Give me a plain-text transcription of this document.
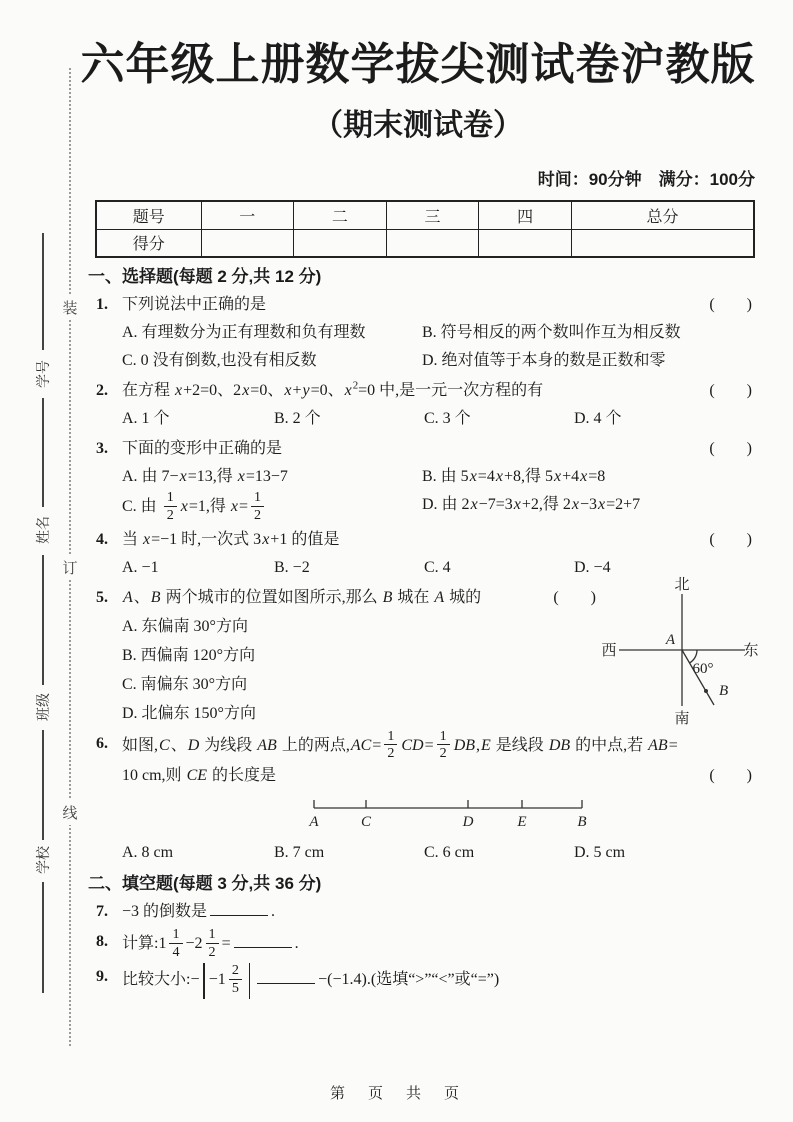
装
订
线
学号
姓名
班级
学校
六年级上册数学拔尖测试卷沪教版
（期末测试卷）
时间：90分钟　满分：100分
题号	一	二	三	四	总分
得分					
一、选择题(每题 2 分,共 12 分)
1. 下列说法中正确的是	(　　)
A. 有理数分为正有理数和负有理数	B. 符号相反的两个数叫作互为相反数
C. 0 没有倒数,也没有相反数	D. 绝对值等于本身的数是正数和零
2. 在方程 x+2=0、2x=0、x+y=0、$x^2=0$ 中,是一元一次方程的有	(　　)
A. 1 个	B. 2 个	C. 3 个	D. 4 个
3. 下面的变形中正确的是	(　　)
A. 由 7−x=13,得 x=13−7	B. 由 5x=4x+8,得 5x+4x=8
C. 由 $\frac{1}{2} x=1$,得 $x= \frac{1}{2}$	D. 由 2x−7=3x+2,得 2x−3x=2+7
4. 当 x=−1 时,一次式 3x+1 的值是	(　　)
A. −1	B. −2	C. 4	D. −4
5. A、B 两个城市的位置如图所示,那么 B 城在 A 城的	(　　)
A. 东偏南 30°方向
B. 西偏南 120°方向
C. 南偏东 30°方向
D. 北偏东 150°方向
北
南
西	东
A
60°
B
6. 如图,C、D 为线段 AB 上的两点$,AC= \frac{1}{2} CD= \frac{1}{2} DB,E$ 是线段 DB 的中点,若 AB=
10 cm,则 CE 的长度是	(　　)
A	C	D	E	B
A. 8 cm	B. 7 cm	C. 6 cm	D. 5 cm
二、填空题(每题 3 分,共 36 分)
7. −3 的倒数是	.
8. 计算:1 $\frac{1}{4} -2 \frac{1}{2}$ =	.
9. 比较大小:− $-1 \frac{2}{5}$	−(−1.4).(选填“>”“<”或“=”)
第　页　共　页
